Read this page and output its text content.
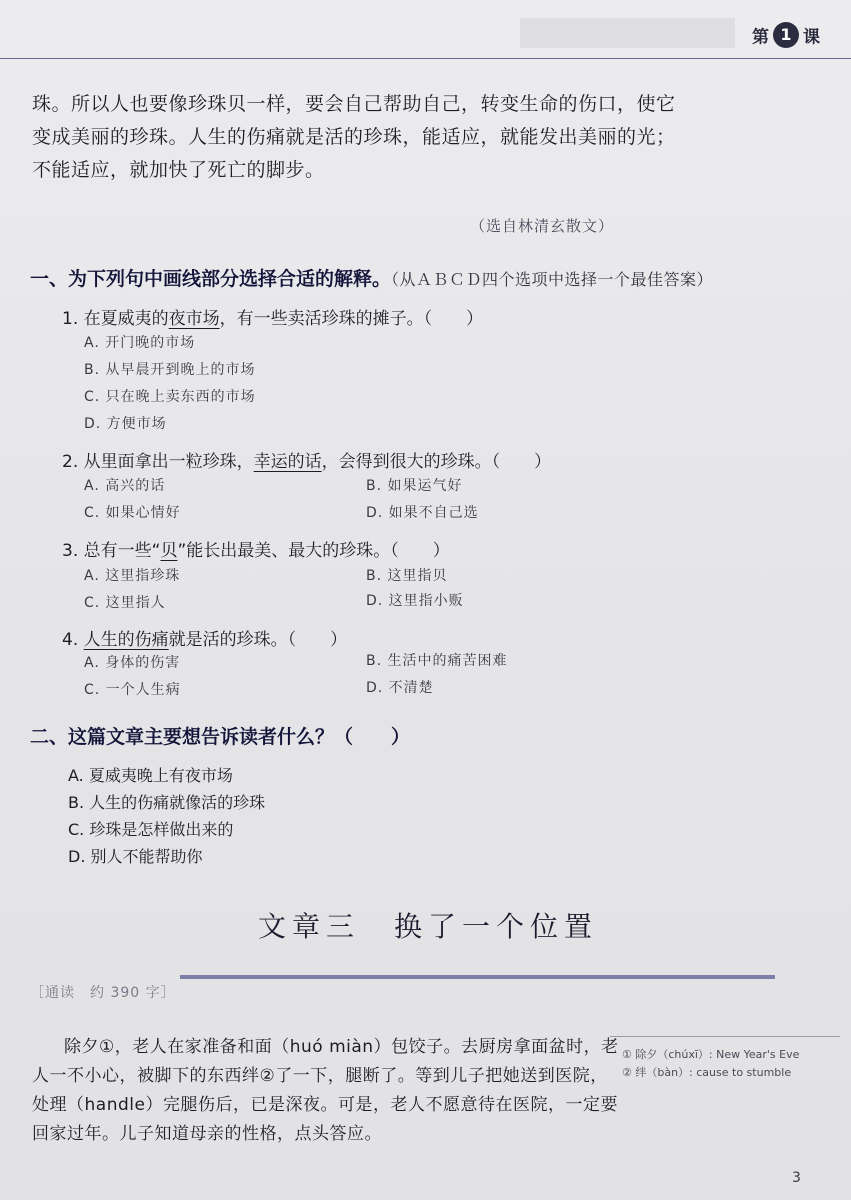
第 1 课
珠。所以人也要像珍珠贝一样，要会自己帮助自己，转变生命的伤口，使它
变成美丽的珍珠。人生的伤痛就是活的珍珠，能适应，就能发出美丽的光；
不能适应，就加快了死亡的脚步。
（选自林清玄散文）
一、为下列句中画线部分选择合适的解释。（从ＡＢＣＤ四个选项中选择一个最佳答案）
1. 在夏威夷的夜市场，有一些卖活珍珠的摊子。（　　）
A. 开门晚的市场
B. 从早晨开到晚上的市场
C. 只在晚上卖东西的市场
D. 方便市场
2. 从里面拿出一粒珍珠，幸运的话，会得到很大的珍珠。（　　）
A. 高兴的话	B. 如果运气好
C. 如果心情好	D. 如果不自己选
3. 总有一些“贝”能长出最美、最大的珍珠。（　　）
A. 这里指珍珠	B. 这里指贝
C. 这里指人	D. 这里指小贩
4. 人生的伤痛就是活的珍珠。（　　）
A. 身体的伤害	B. 生活中的痛苦困难
C. 一个人生病	D. 不清楚
二、这篇文章主要想告诉读者什么？（　　）
A. 夏威夷晚上有夜市场
B. 人生的伤痛就像活的珍珠
C. 珍珠是怎样做出来的
D. 别人不能帮助你
文章三　换了一个位置
［通读　约 390 字］
除夕①，老人在家准备和面（huó miàn）包饺子。去厨房拿面盆时，老
人一不小心，被脚下的东西绊②了一下，腿断了。等到儿子把她送到医院，
处理（handle）完腿伤后，已是深夜。可是，老人不愿意待在医院，一定要
回家过年。儿子知道母亲的性格，点头答应。
① 除夕（chúxī）: New Year's Eve
② 绊（bàn）: cause to stumble
3
